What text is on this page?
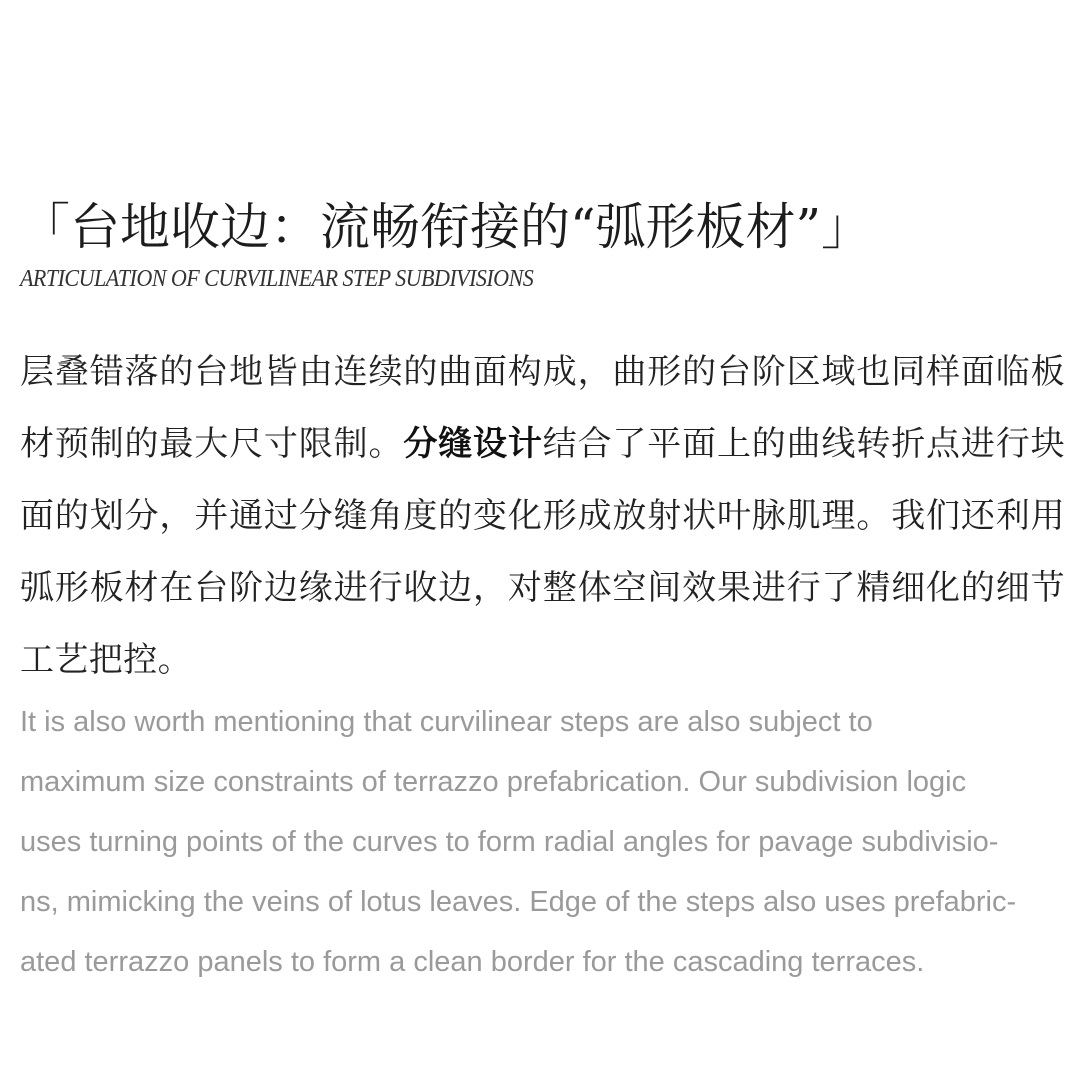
「台地收边：流畅衔接的“弧形板材”」
ARTICULATION OF CURVILINEAR STEP SUBDIVISIONS

层叠错落的台地皆由连续的曲面构成，曲形的台阶区域也同样面临板材预制的最大尺寸限制。分缝设计结合了平面上的曲线转折点进行块面的划分，并通过分缝角度的变化形成放射状叶脉肌理。我们还利用弧形板材在台阶边缘进行收边，对整体空间效果进行了精细化的细节工艺把控。

It is also worth mentioning that curvilinear steps are also subject to
maximum size constraints of terrazzo prefabrication. Our subdivision logic
uses turning points of the curves to form radial angles for pavage subdivisio-
ns, mimicking the veins of lotus leaves. Edge of the steps also uses prefabric-
ated terrazzo panels to form a clean border for the cascading terraces.
